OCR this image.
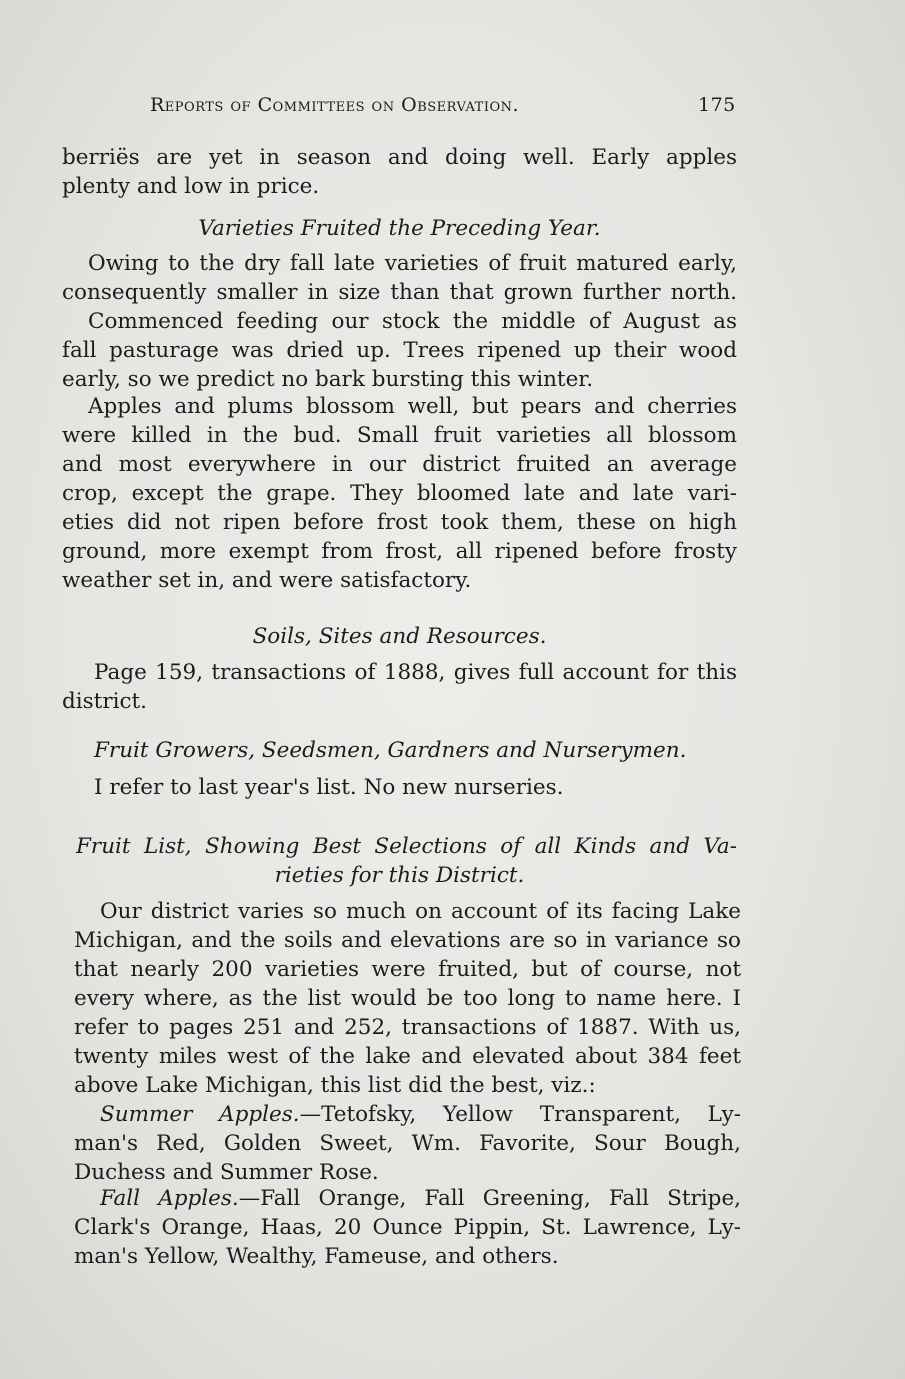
Reports of Committees on Observation.	175
berriës are yet in season and doing well. Early apples
plenty and low in price.
Varieties Fruited the Preceding Year.
Owing to the dry fall late varieties of fruit matured early,
consequently smaller in size than that grown further north.
Commenced feeding our stock the middle of August as
fall pasturage was dried up. Trees ripened up their wood
early, so we predict no bark bursting this winter.
Apples and plums blossom well, but pears and cherries
were killed in the bud. Small fruit varieties all blossom
and most everywhere in our district fruited an average
crop, except the grape. They bloomed late and late vari-
eties did not ripen before frost took them, these on high
ground, more exempt from frost, all ripened before frosty
weather set in, and were satisfactory.
Soils, Sites and Resources.
Page 159, transactions of 1888, gives full account for this
district.
Fruit Growers, Seedsmen, Gardners and Nurserymen.
I refer to last year's list. No new nurseries.
Fruit List, Showing Best Selections of all Kinds and Va-
rieties for this District.
Our district varies so much on account of its facing Lake
Michigan, and the soils and elevations are so in variance so
that nearly 200 varieties were fruited, but of course, not
every where, as the list would be too long to name here. I
refer to pages 251 and 252, transactions of 1887. With us,
twenty miles west of the lake and elevated about 384 feet
above Lake Michigan, this list did the best, viz.:
Summer Apples.—Tetofsky, Yellow Transparent, Ly-
man's Red, Golden Sweet, Wm. Favorite, Sour Bough,
Duchess and Summer Rose.
Fall Apples.—Fall Orange, Fall Greening, Fall Stripe,
Clark's Orange, Haas, 20 Ounce Pippin, St. Lawrence, Ly-
man's Yellow, Wealthy, Fameuse, and others.
